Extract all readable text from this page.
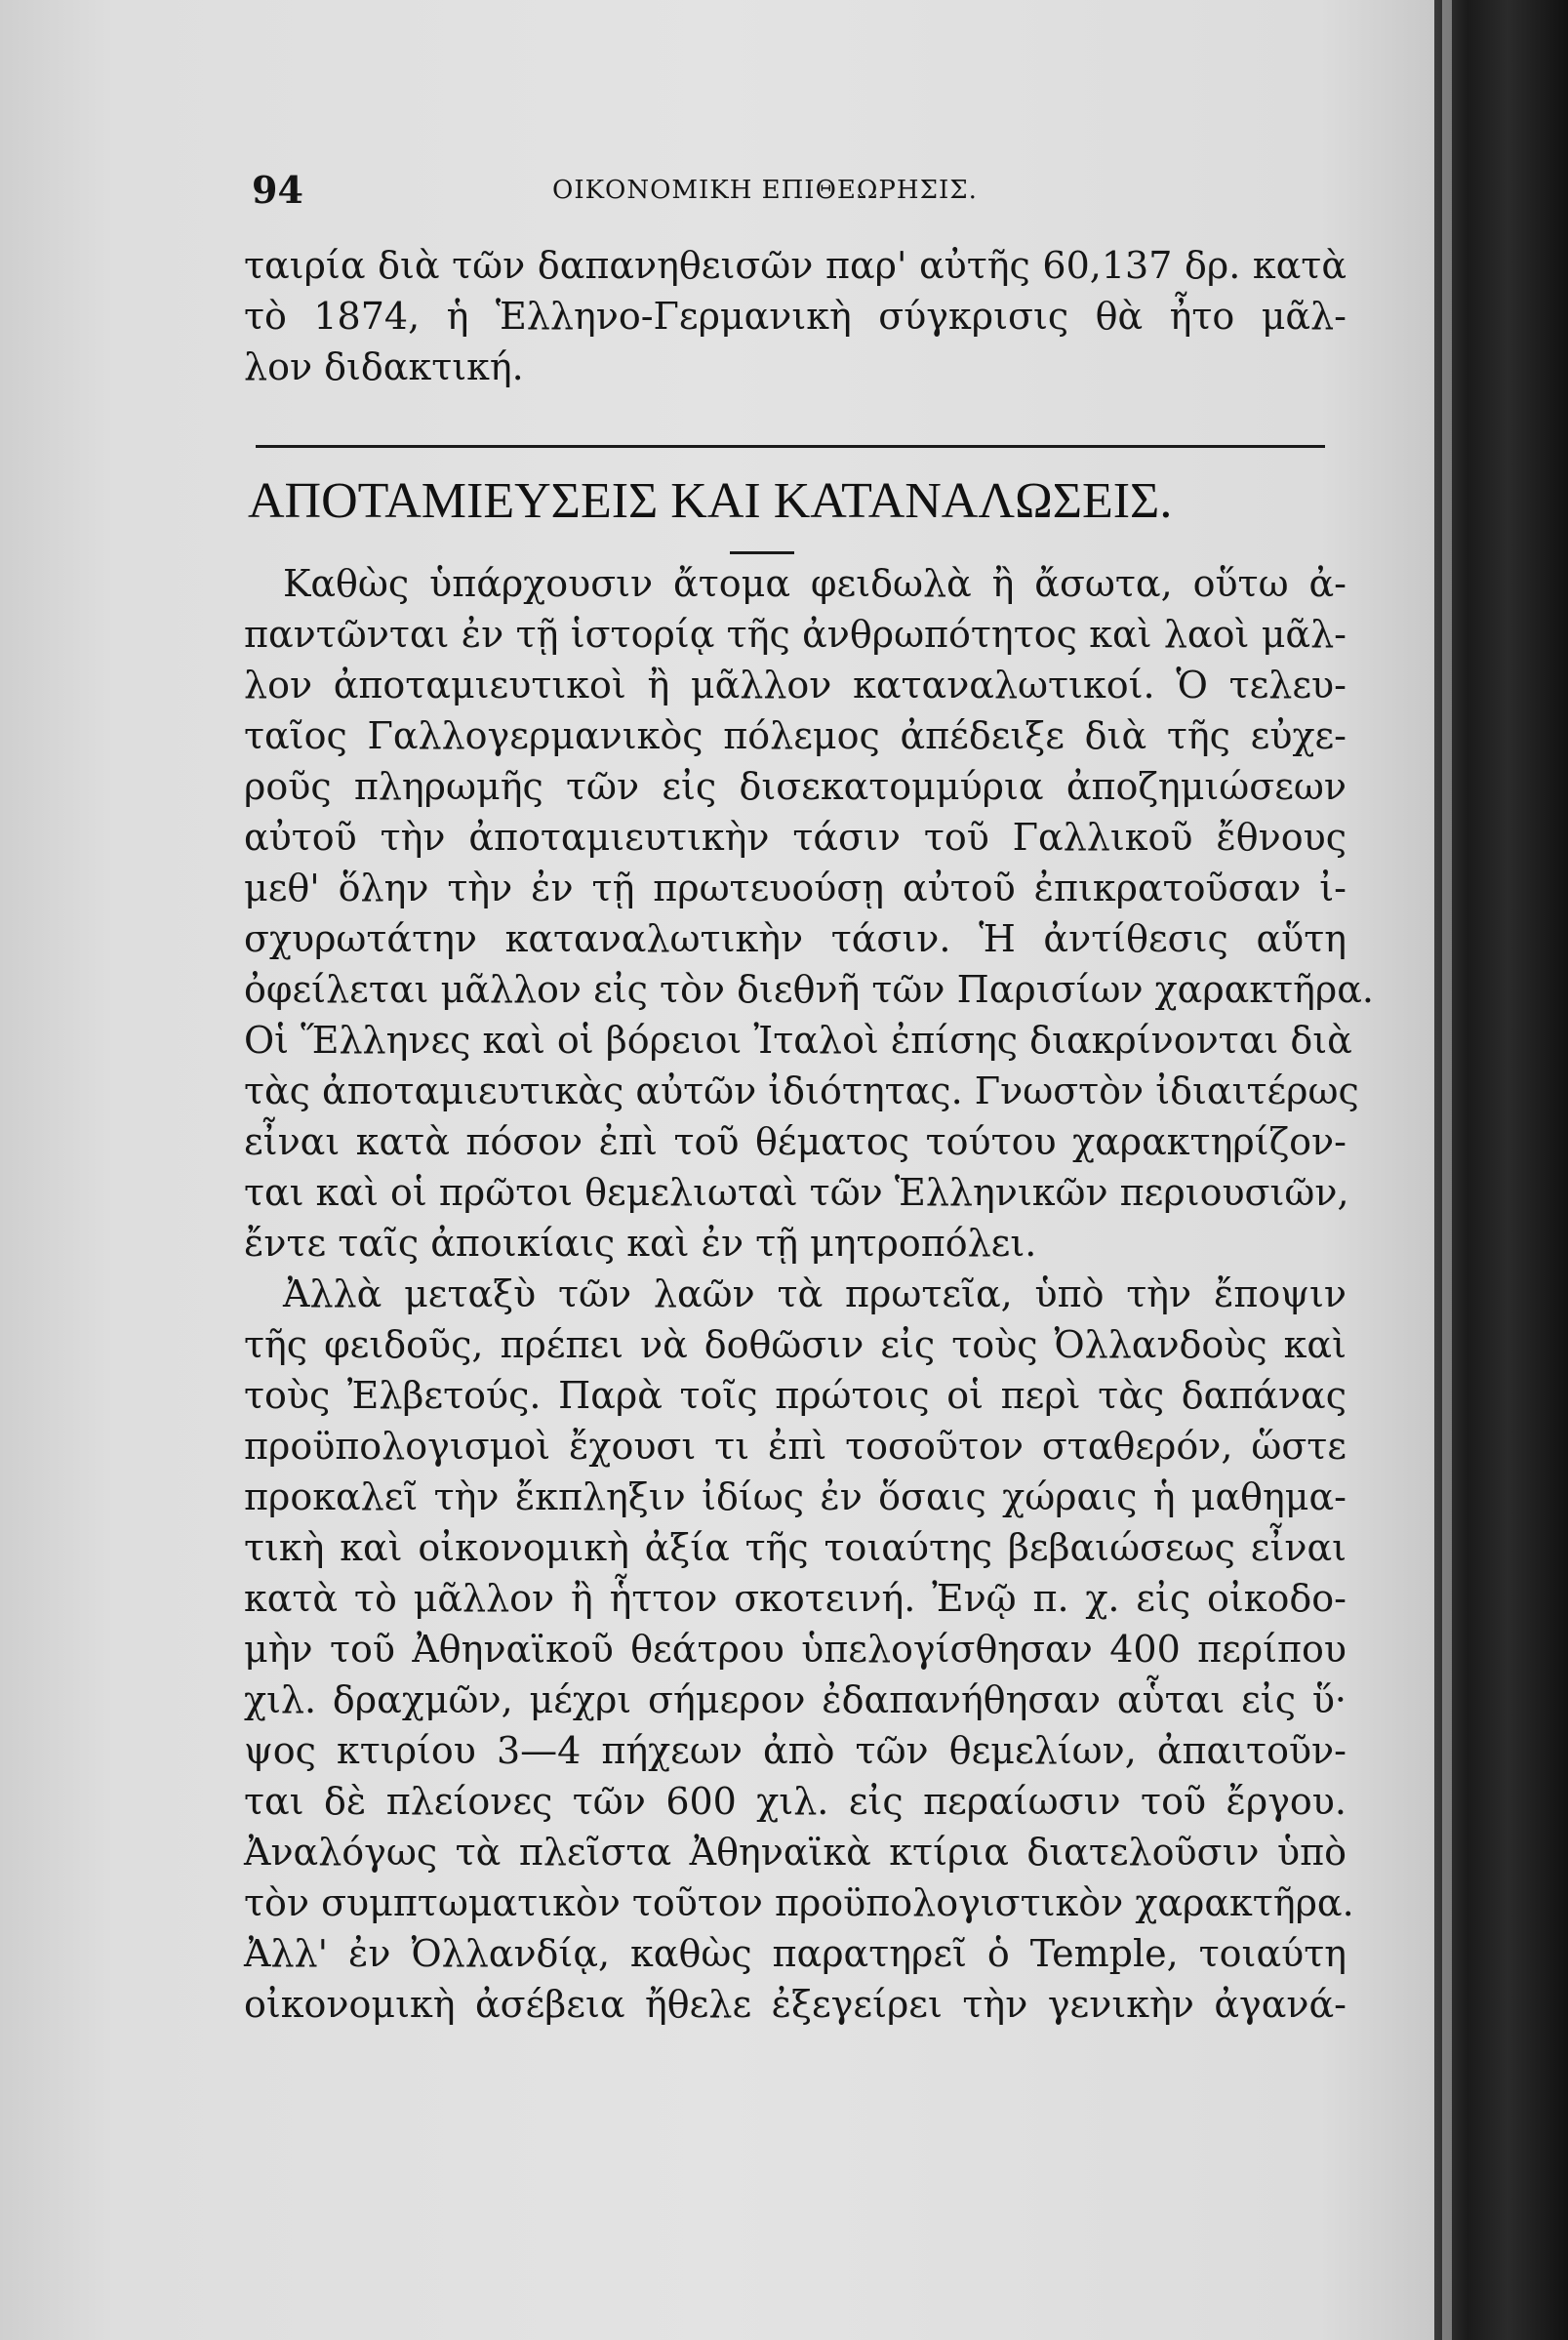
94	ΟΙΚΟΝΟΜΙΚΗ ΕΠΙΘΕΩΡΗΣΙΣ.
ταιρία διὰ τῶν δαπανηθεισῶν παρ' αὐτῆς 60,137 δρ. κατὰ
τὸ 1874, ἡ Ἑλληνο-Γερμανικὴ σύγκρισις θὰ ἦτο μᾶλ-
λον διδακτική.
ΑΠΟΤΑΜΙΕΥΣΕΙΣ ΚΑΙ ΚΑΤΑΝΑΛΩΣΕΙΣ.
Καθὼς ὑπάρχουσιν ἄτομα φειδωλὰ ἢ ἄσωτα, οὕτω ἀ-
παντῶνται ἐν τῇ ἱστορίᾳ τῆς ἀνθρωπότητος καὶ λαοὶ μᾶλ-
λον ἀποταμιευτικοὶ ἢ μᾶλλον καταναλωτικοί. Ὁ τελευ-
ταῖος Γαλλογερμανικὸς πόλεμος ἀπέδειξε διὰ τῆς εὐχε-
ροῦς πληρωμῆς τῶν εἰς δισεκατομμύρια ἀποζημιώσεων
αὐτοῦ τὴν ἀποταμιευτικὴν τάσιν τοῦ Γαλλικοῦ ἔθνους
μεθ' ὅλην τὴν ἐν τῇ πρωτευούσῃ αὐτοῦ ἐπικρατοῦσαν ἰ-
σχυρωτάτην καταναλωτικὴν τάσιν. Ἡ ἀντίθεσις αὕτη
ὀφείλεται μᾶλλον εἰς τὸν διεθνῆ τῶν Παρισίων χαρακτῆρα.
Οἱ Ἕλληνες καὶ οἱ βόρειοι Ἰταλοὶ ἐπίσης διακρίνονται διὰ
τὰς ἀποταμιευτικὰς αὐτῶν ἰδιότητας. Γνωστὸν ἰδιαιτέρως
εἶναι κατὰ πόσον ἐπὶ τοῦ θέματος τούτου χαρακτηρίζον-
ται καὶ οἱ πρῶτοι θεμελιωταὶ τῶν Ἑλληνικῶν περιουσιῶν,
ἔντε ταῖς ἀποικίαις καὶ ἐν τῇ μητροπόλει.
Ἀλλὰ μεταξὺ τῶν λαῶν τὰ πρωτεῖα, ὑπὸ τὴν ἔποψιν
τῆς φειδοῦς, πρέπει νὰ δοθῶσιν εἰς τοὺς Ὀλλανδοὺς καὶ
τοὺς Ἐλβετούς. Παρὰ τοῖς πρώτοις οἱ περὶ τὰς δαπάνας
προϋπολογισμοὶ ἔχουσι τι ἐπὶ τοσοῦτον σταθερόν, ὥστε
προκαλεῖ τὴν ἔκπληξιν ἰδίως ἐν ὅσαις χώραις ἡ μαθημα-
τικὴ καὶ οἰκονομικὴ ἀξία τῆς τοιαύτης βεβαιώσεως εἶναι
κατὰ τὸ μᾶλλον ἢ ἧττον σκοτεινή. Ἐνῷ π. χ. εἰς οἰκοδο-
μὴν τοῦ Ἀθηναϊκοῦ θεάτρου ὑπελογίσθησαν 400 περίπου
χιλ. δραχμῶν, μέχρι σήμερον ἐδαπανήθησαν αὗται εἰς ὕ·
ψος κτιρίου 3—4 πήχεων ἀπὸ τῶν θεμελίων, ἀπαιτοῦν-
ται δὲ πλείονες τῶν 600 χιλ. εἰς περαίωσιν τοῦ ἔργου.
Ἀναλόγως τὰ πλεῖστα Ἀθηναϊκὰ κτίρια διατελοῦσιν ὑπὸ
τὸν συμπτωματικὸν τοῦτον προϋπολογιστικὸν χαρακτῆρα.
Ἀλλ' ἐν Ὀλλανδίᾳ, καθὼς παρατηρεῖ ὁ Temple, τοιαύτη
οἰκονομικὴ ἀσέβεια ἤθελε ἐξεγείρει τὴν γενικὴν ἀγανά-
